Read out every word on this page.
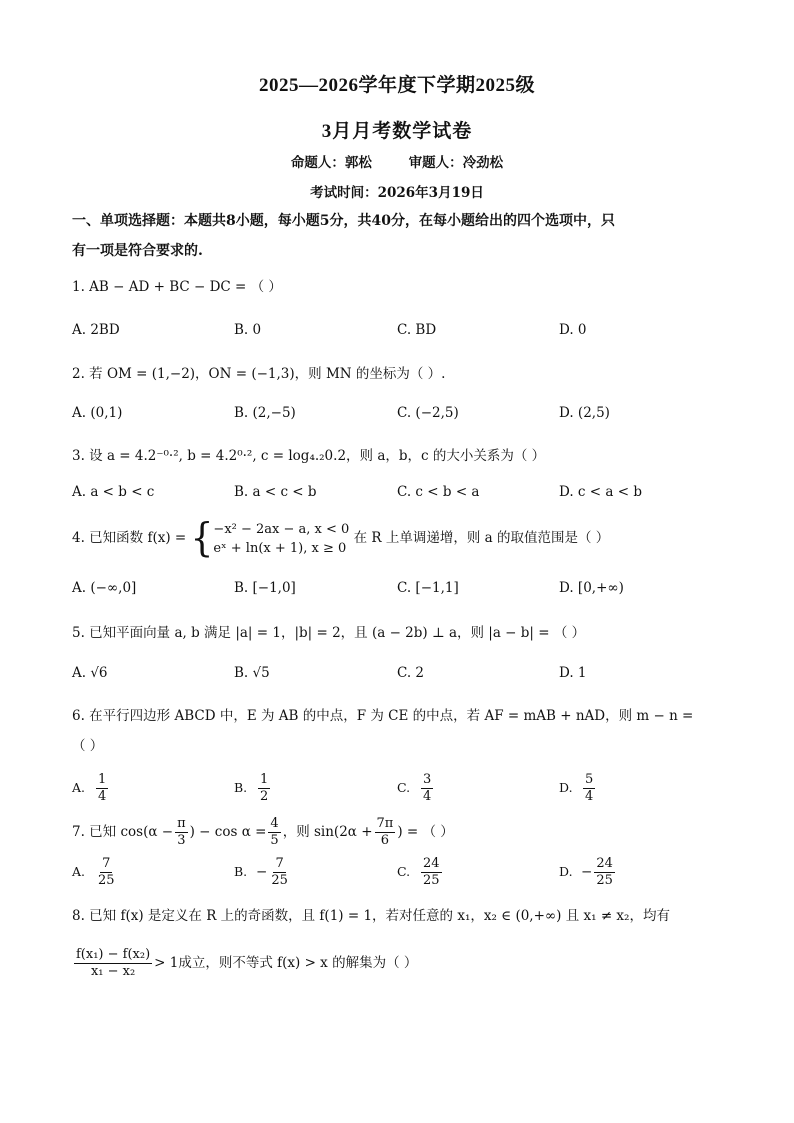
2025—2026学年度下学期2025级
3月月考数学试卷
命题人：郭松	审题人：冷劲松
考试时间：2026年3月19日
一、单项选择题：本题共8小题，每小题5分，共40分，在每小题给出的四个选项中，只
有一项是符合要求的.
1. AB − AD + BC − DC = （ ）
A. 2BD	B. 0	C. BD	D. 0
2. 若 OM = (1,−2)，ON = (−1,3)，则 MN 的坐标为（ ）.
A. (0,1)	B. (2,−5)	C. (−2,5)	D. (2,5)
3. 设 a = 4.2⁻⁰·², b = 4.2⁰·², c = log₄.₂0.2，则 a，b，c 的大小关系为（ ）
A. a < b < c	B. a < c < b	C. c < b < a	D. c < a < b
4. 已知函数 f(x) = { −x² − 2ax − a, x < 0
eˣ + ln(x + 1), x ≥ 0
在 R 上单调递增，则 a 的取值范围是（ ）
A. (−∞,0]	B. [−1,0]	C. [−1,1]	D. [0,+∞)
5. 已知平面向量 a, b 满足 |a| = 1，|b| = 2，且 (a − 2b) ⊥ a，则 |a − b| = （ ）
A. √6	B. √5	C. 2	D. 1
6. 在平行四边形 ABCD 中，E 为 AB 的中点，F 为 CE 的中点，若 AF = mAB + nAD，则 m − n =
（ ）
A. $\frac{1}{4}$	B. $\frac{1}{2}$	C. $\frac{3}{4}$	D. $\frac{5}{4}$
7. 已知 $\cos(\alpha - \frac{\pi}{3}$ ) − $\cos \alpha = \frac{4}{5}$ ，则 $\sin(2\alpha + \frac{7\pi}{6}$ ) = （ ）
A. $\frac{7}{25}$	B. − $\frac{7}{25}$	C. $\frac{24}{25}$	D. − $\frac{24}{25}$
8. 已知 f(x) 是定义在 R 上的奇函数，且 f(1) = 1，若对任意的 x₁，x₂ ∈ (0,+∞) 且 x₁ ≠ x₂，均有
$\frac{\text{f(x₁) − f(x₂)}}{\text{x₁ − x₂}} > 1$成立，则不等式 f(x) > x 的解集为（ ）
